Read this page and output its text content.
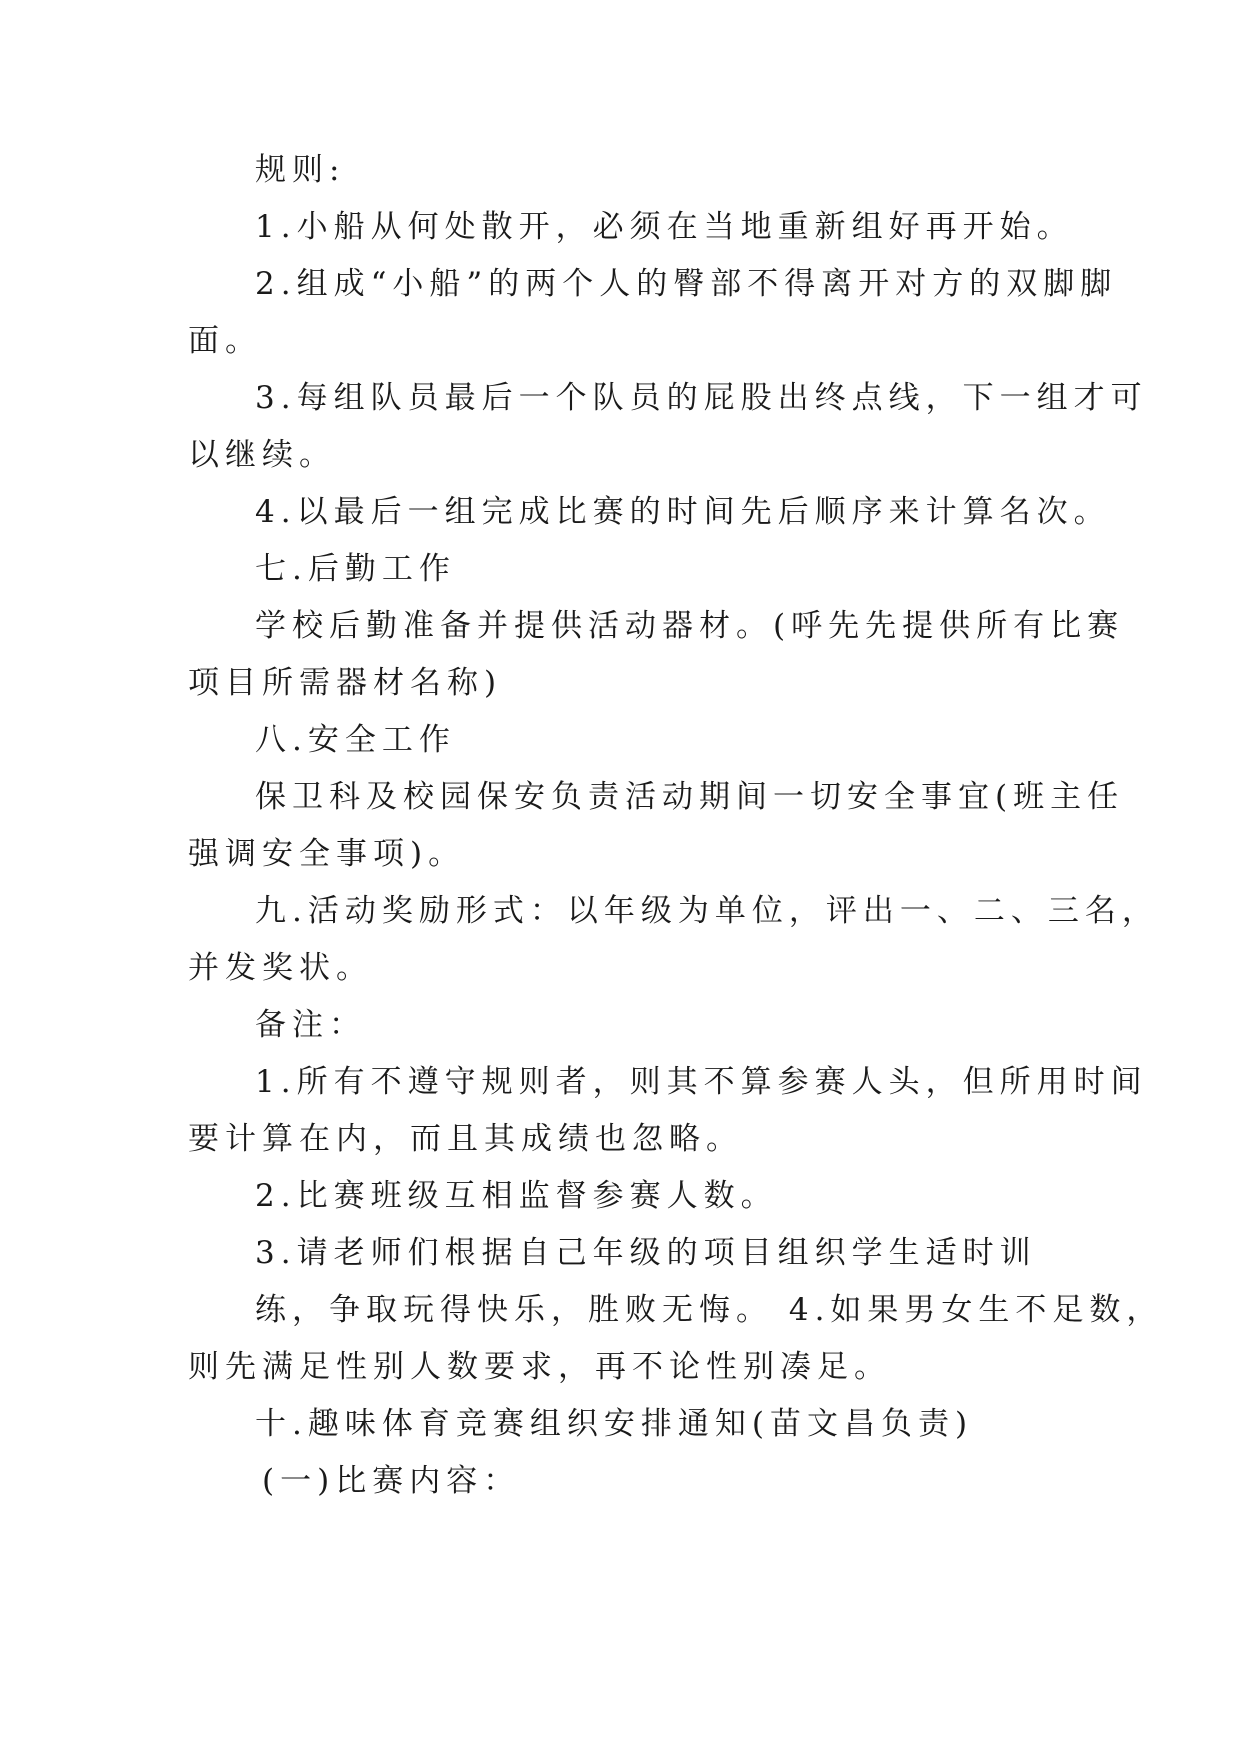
规则:
1.小船从何处散开，必须在当地重新组好再开始。
2.组成“小船”的两个人的臀部不得离开对方的双脚脚
面。
3.每组队员最后一个队员的屁股出终点线，下一组才可
以继续。
4.以最后一组完成比赛的时间先后顺序来计算名次。
七.后勤工作
学校后勤准备并提供活动器材。(呼先先提供所有比赛
项目所需器材名称)
八.安全工作
保卫科及校园保安负责活动期间一切安全事宜(班主任
强调安全事项)。
九.活动奖励形式：以年级为单位，评出一、二、三名，
并发奖状。
备注：
1.所有不遵守规则者，则其不算参赛人头，但所用时间
要计算在内，而且其成绩也忽略。
2.比赛班级互相监督参赛人数。
3.请老师们根据自己年级的项目组织学生适时训
练，争取玩得快乐，胜败无悔。 4.如果男女生不足数，
则先满足性别人数要求，再不论性别凑足。
十.趣味体育竞赛组织安排通知(苗文昌负责)
(一)比赛内容：
